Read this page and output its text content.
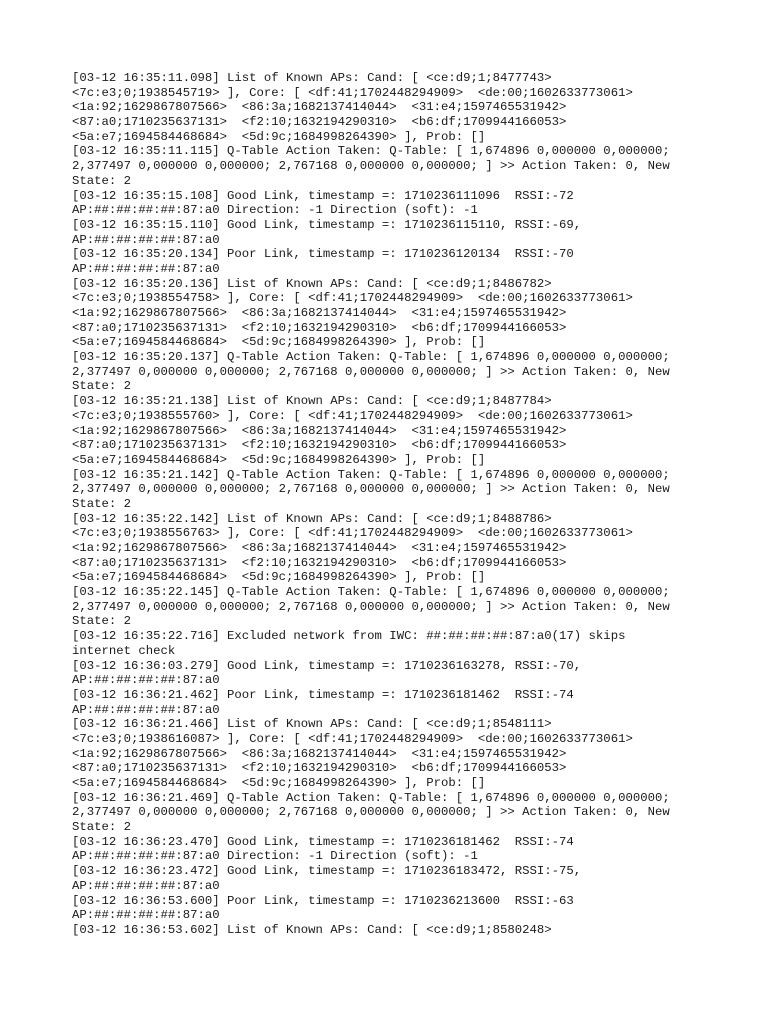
[03-12 16:35:11.098] List of Known APs: Cand: [ <ce:d9;1;8477743>
<7c:e3;0;1938545719> ], Core: [ <df:41;1702448294909>  <de:00;1602633773061>
<1a:92;1629867807566>  <86:3a;1682137414044>  <31:e4;1597465531942>
<87:a0;1710235637131>  <f2:10;1632194290310>  <b6:df;1709944166053>
<5a:e7;1694584468684>  <5d:9c;1684998264390> ], Prob: []
[03-12 16:35:11.115] Q-Table Action Taken: Q-Table: [ 1,674896 0,000000 0,000000;
2,377497 0,000000 0,000000; 2,767168 0,000000 0,000000; ] >> Action Taken: 0, New
State: 2
[03-12 16:35:15.108] Good Link, timestamp =: 1710236111096  RSSI:-72
AP:##:##:##:##:87:a0 Direction: -1 Direction (soft): -1
[03-12 16:35:15.110] Good Link, timestamp =: 1710236115110, RSSI:-69,
AP:##:##:##:##:87:a0
[03-12 16:35:20.134] Poor Link, timestamp =: 1710236120134  RSSI:-70
AP:##:##:##:##:87:a0
[03-12 16:35:20.136] List of Known APs: Cand: [ <ce:d9;1;8486782>
<7c:e3;0;1938554758> ], Core: [ <df:41;1702448294909>  <de:00;1602633773061>
<1a:92;1629867807566>  <86:3a;1682137414044>  <31:e4;1597465531942>
<87:a0;1710235637131>  <f2:10;1632194290310>  <b6:df;1709944166053>
<5a:e7;1694584468684>  <5d:9c;1684998264390> ], Prob: []
[03-12 16:35:20.137] Q-Table Action Taken: Q-Table: [ 1,674896 0,000000 0,000000;
2,377497 0,000000 0,000000; 2,767168 0,000000 0,000000; ] >> Action Taken: 0, New
State: 2
[03-12 16:35:21.138] List of Known APs: Cand: [ <ce:d9;1;8487784>
<7c:e3;0;1938555760> ], Core: [ <df:41;1702448294909>  <de:00;1602633773061>
<1a:92;1629867807566>  <86:3a;1682137414044>  <31:e4;1597465531942>
<87:a0;1710235637131>  <f2:10;1632194290310>  <b6:df;1709944166053>
<5a:e7;1694584468684>  <5d:9c;1684998264390> ], Prob: []
[03-12 16:35:21.142] Q-Table Action Taken: Q-Table: [ 1,674896 0,000000 0,000000;
2,377497 0,000000 0,000000; 2,767168 0,000000 0,000000; ] >> Action Taken: 0, New
State: 2
[03-12 16:35:22.142] List of Known APs: Cand: [ <ce:d9;1;8488786>
<7c:e3;0;1938556763> ], Core: [ <df:41;1702448294909>  <de:00;1602633773061>
<1a:92;1629867807566>  <86:3a;1682137414044>  <31:e4;1597465531942>
<87:a0;1710235637131>  <f2:10;1632194290310>  <b6:df;1709944166053>
<5a:e7;1694584468684>  <5d:9c;1684998264390> ], Prob: []
[03-12 16:35:22.145] Q-Table Action Taken: Q-Table: [ 1,674896 0,000000 0,000000;
2,377497 0,000000 0,000000; 2,767168 0,000000 0,000000; ] >> Action Taken: 0, New
State: 2
[03-12 16:35:22.716] Excluded network from IWC: ##:##:##:##:87:a0(17) skips
internet check
[03-12 16:36:03.279] Good Link, timestamp =: 1710236163278, RSSI:-70,
AP:##:##:##:##:87:a0
[03-12 16:36:21.462] Poor Link, timestamp =: 1710236181462  RSSI:-74
AP:##:##:##:##:87:a0
[03-12 16:36:21.466] List of Known APs: Cand: [ <ce:d9;1;8548111>
<7c:e3;0;1938616087> ], Core: [ <df:41;1702448294909>  <de:00;1602633773061>
<1a:92;1629867807566>  <86:3a;1682137414044>  <31:e4;1597465531942>
<87:a0;1710235637131>  <f2:10;1632194290310>  <b6:df;1709944166053>
<5a:e7;1694584468684>  <5d:9c;1684998264390> ], Prob: []
[03-12 16:36:21.469] Q-Table Action Taken: Q-Table: [ 1,674896 0,000000 0,000000;
2,377497 0,000000 0,000000; 2,767168 0,000000 0,000000; ] >> Action Taken: 0, New
State: 2
[03-12 16:36:23.470] Good Link, timestamp =: 1710236181462  RSSI:-74
AP:##:##:##:##:87:a0 Direction: -1 Direction (soft): -1
[03-12 16:36:23.472] Good Link, timestamp =: 1710236183472, RSSI:-75,
AP:##:##:##:##:87:a0
[03-12 16:36:53.600] Poor Link, timestamp =: 1710236213600  RSSI:-63
AP:##:##:##:##:87:a0
[03-12 16:36:53.602] List of Known APs: Cand: [ <ce:d9;1;8580248>
